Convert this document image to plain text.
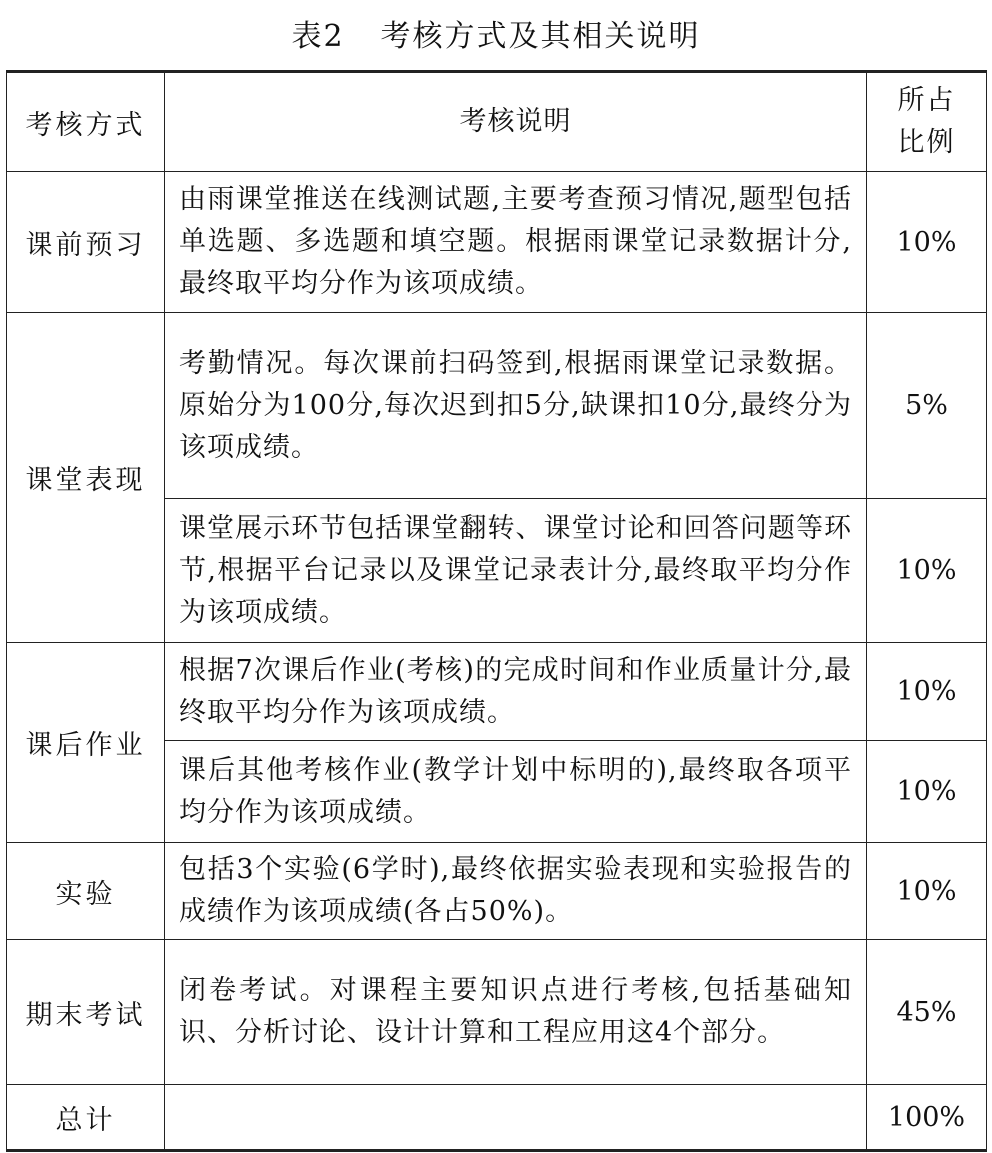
表2 考核方式及其相关说明
考核方式	考核说明	所占比例

课前预习	由雨课堂推送在线测试题,主要考查预习情况,题型包括单选题、多选题和填空题。根据雨课堂记录数据计分,最终取平均分作为该项成绩。	10%
课堂表现	考勤情况。每次课前扫码签到,根据雨课堂记录数据。原始分为100分,每次迟到扣5分,缺课扣10分,最终分为该项成绩。	5%
	课堂展示环节包括课堂翻转、课堂讨论和回答问题等环节,根据平台记录以及课堂记录表计分,最终取平均分作为该项成绩。	10%
课后作业	根据7次课后作业(考核)的完成时间和作业质量计分,最终取平均分作为该项成绩。	10%
	课后其他考核作业(教学计划中标明的),最终取各项平均分作为该项成绩。	10%
实验	包括3个实验(6学时),最终依据实验表现和实验报告的成绩作为该项成绩(各占50%)。	10%
期末考试	闭卷考试。对课程主要知识点进行考核,包括基础知识、分析讨论、设计计算和工程应用这4个部分。	45%
总计		100%
